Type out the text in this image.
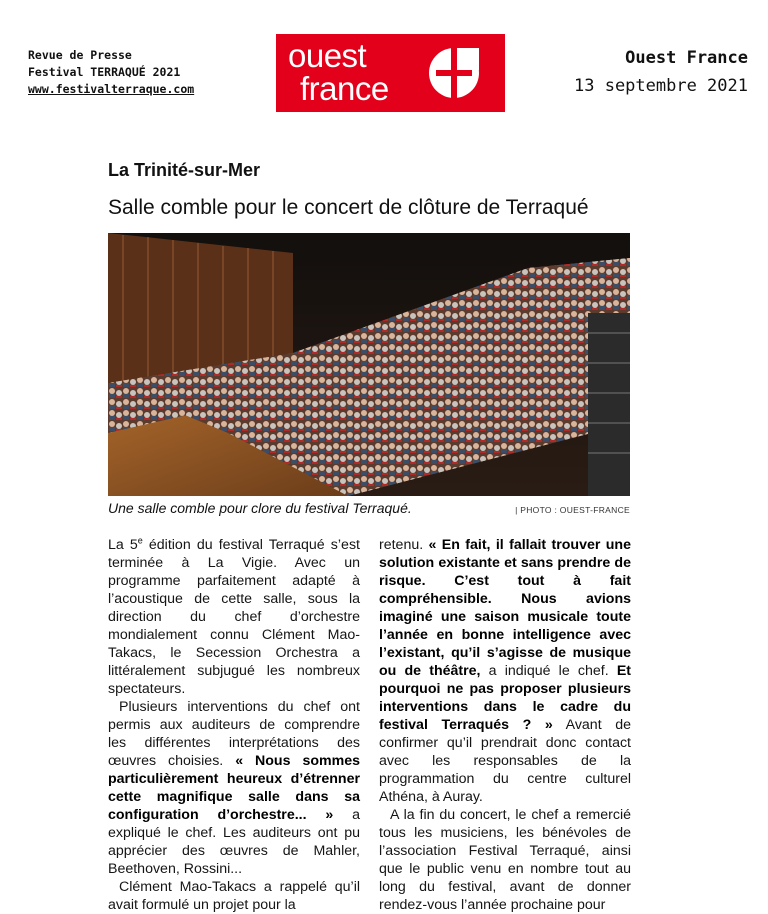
Revue de Presse
Festival TERRAQUÉ 2021
www.festivalterraque.com
ouest
france
Ouest France
13 septembre 2021
La Trinité-sur-Mer
Salle comble pour le concert de clôture de Terraqué
Une salle comble pour clore du festival Terraqué.	| PHOTO : OUEST-FRANCE

La 5e édition du festival Terraqué s’est terminée à La Vigie. Avec un programme parfaitement adapté à l’acoustique de cette salle, sous la direction du chef d’orchestre mondialement connu Clément Mao-Takacs, le Secession Orchestra a littéralement subjugué les nombreux spectateurs.

Plusieurs interventions du chef ont permis aux auditeurs de comprendre les différentes interprétations des œuvres choisies. « Nous sommes particulièrement heureux d’étrenner cette magnifique salle dans sa configuration d’orchestre... » a expliqué le chef. Les auditeurs ont pu apprécier des œuvres de Mahler, Beethoven, Rossini...

Clément Mao-Takacs a rappelé qu’il avait formulé un projet pour la

retenu. « En fait, il fallait trouver une solution existante et sans prendre de risque. C’est tout à fait compréhensible. Nous avions imaginé une saison musicale toute l’année en bonne intelligence avec l’existant, qu’il s’agisse de musique ou de théâtre, a indiqué le chef. Et pourquoi ne pas proposer plusieurs interventions dans le cadre du festival Terraqués ? » Avant de confirmer qu’il prendrait donc contact avec les responsables de la programmation du centre culturel Athéna, à Auray.

A la fin du concert, le chef a remercié tous les musiciens, les bénévoles de l’association Festival Terraqué, ainsi que le public venu en nombre tout au long du festival, avant de donner rendez-vous l’année prochaine pour
